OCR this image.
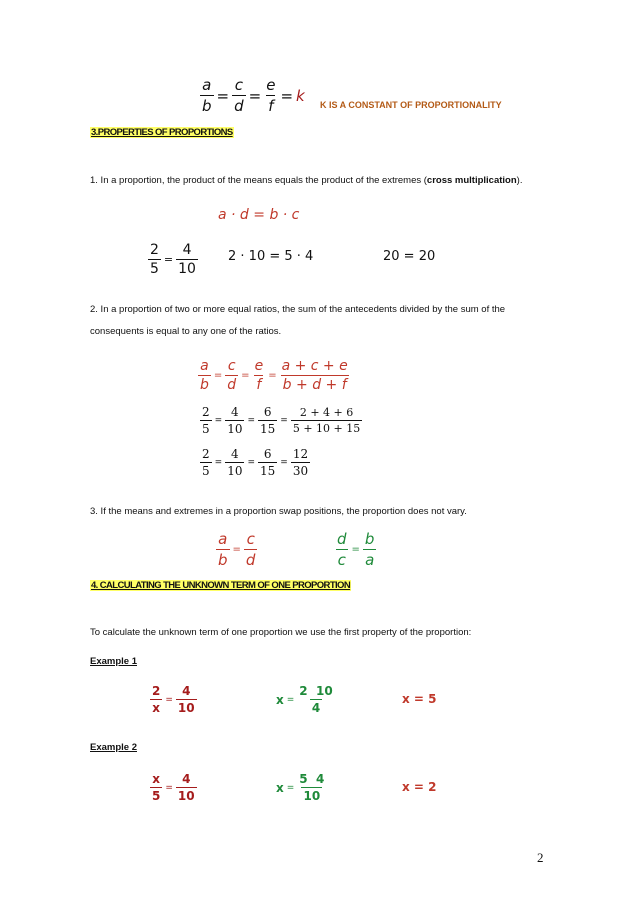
$\frac{a}{b} = \frac{c}{d} = \frac{e}{f} = k$
K IS A CONSTANT OF PROPORTIONALITY
3.PROPERTIES OF PROPORTIONS
1. In a proportion, the product of the means equals the product of the extremes (cross multiplication).
a · d = b · c
$\frac{2}{5} = \frac{4}{10} 2 \cdot 10 = 5 \cdot 4$	20 = 20
2. In a proportion of two or more equal ratios, the sum of the antecedents divided by the sum of the
consequents is equal to any one of the ratios.
$\frac{a}{b} = \frac{c}{d} = \frac{e}{f} = \frac{a + c + e}{b + d + f}$
$\frac{2}{5} = \frac{4}{10} = \frac{6}{15} = \frac{2 + 4 + 6}{5 + 10 + 15}$
$\frac{2}{5} = \frac{4}{10} = \frac{6}{15} = \frac{12}{30}$
3. If the means and extremes in a proportion swap positions, the proportion does not vary.
$\frac{a}{b} = \frac{c}{d}$	$\frac{d}{c} = \frac{b}{a}$
4. CALCULATING THE UNKNOWN TERM OF ONE PROPORTION
To calculate the unknown term of one proportion we use the first property of the proportion:
Example 1
$\frac{2}{x} = \frac{4}{10}$	$x = \frac{2 10}{4}$	x = 5
Example 2
$\frac{x}{5} = \frac{4}{10}$	$x = \frac{5 4}{10}$	x = 2
2
